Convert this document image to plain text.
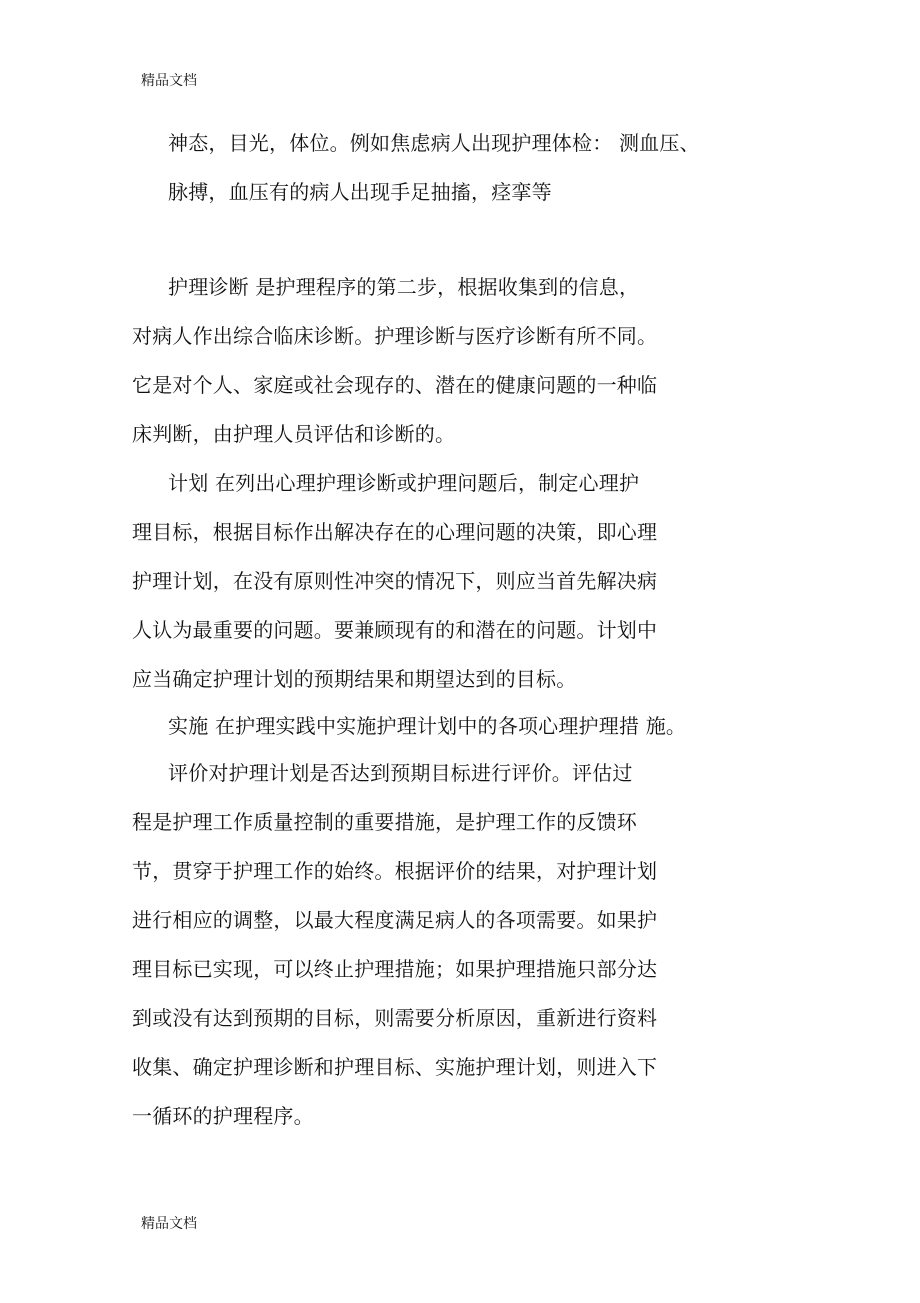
精品文档
神态，目光，体位。例如焦虑病人出现护理体检： 测血压、
脉搏，血压有的病人出现手足抽搐，痉挛等
护理诊断 是护理程序的第二步，根据收集到的信息，
对病人作出综合临床诊断。护理诊断与医疗诊断有所不同。
它是对个人、家庭或社会现存的、潜在的健康问题的一种临
床判断，由护理人员评估和诊断的。
计划 在列出心理护理诊断或护理问题后，制定心理护
理目标，根据目标作出解决存在的心理问题的决策，即心理
护理计划，在没有原则性冲突的情况下，则应当首先解决病
人认为最重要的问题。要兼顾现有的和潜在的问题。计划中
应当确定护理计划的预期结果和期望达到的目标。
实施 在护理实践中实施护理计划中的各项心理护理措 施。
评价对护理计划是否达到预期目标进行评价。评估过
程是护理工作质量控制的重要措施，是护理工作的反馈环
节，贯穿于护理工作的始终。根据评价的结果，对护理计划
进行相应的调整，以最大程度满足病人的各项需要。如果护
理目标已实现，可以终止护理措施；如果护理措施只部分达
到或没有达到预期的目标，则需要分析原因，重新进行资料
收集、确定护理诊断和护理目标、实施护理计划，则进入下
一循环的护理程序。
精品文档
